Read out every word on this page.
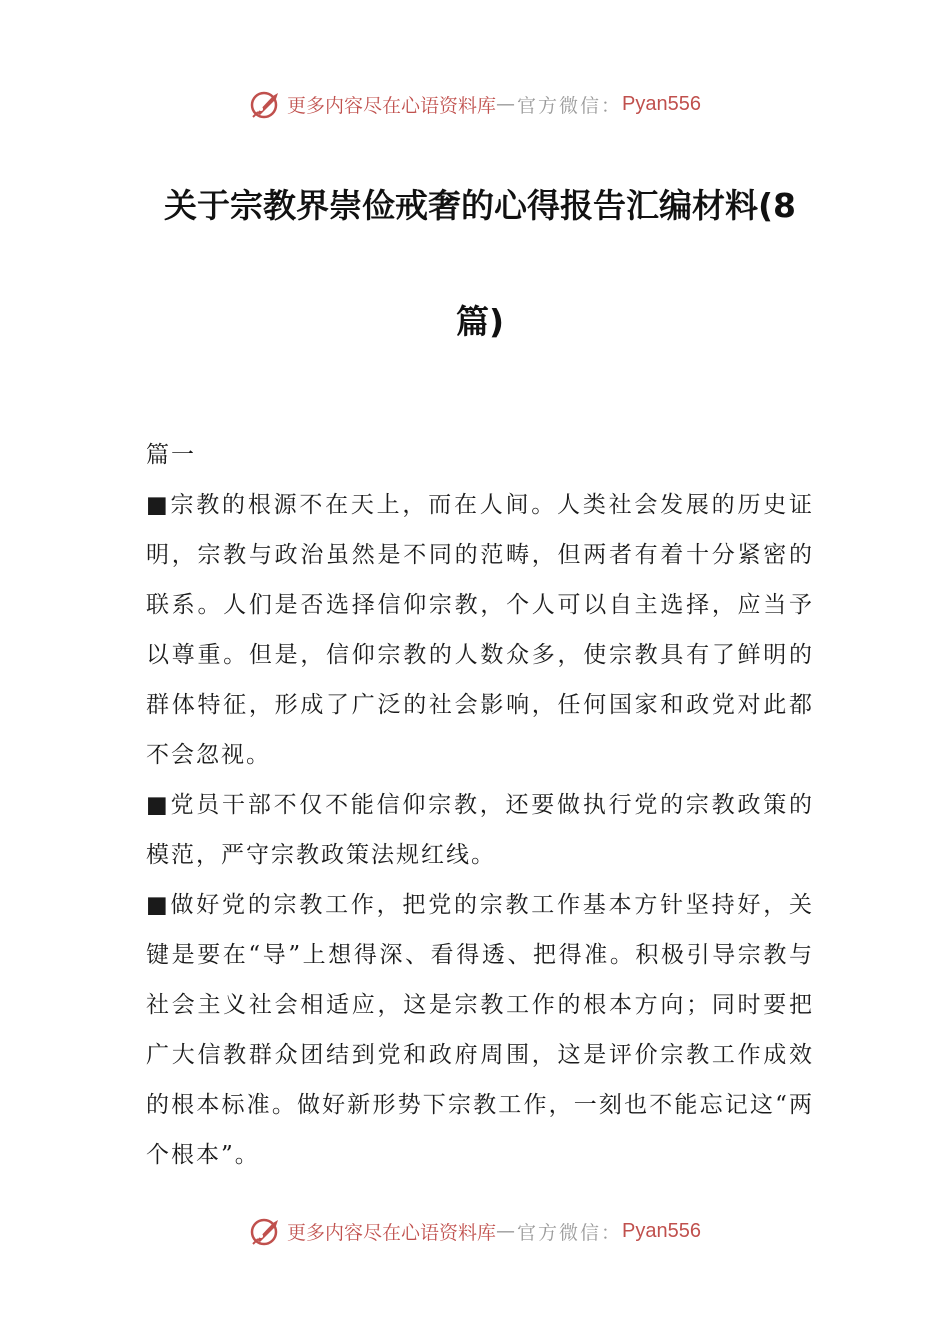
更多内容尽在心语资料库 — 官方微信： Pyan556
关于宗教界崇俭戒奢的心得报告汇编材料(8篇)

篇一

■宗教的根源不在天上，而在人间。人类社会发展的历史证明，宗教与政治虽然是不同的范畴，但两者有着十分紧密的联系。人们是否选择信仰宗教，个人可以自主选择，应当予以尊重。但是，信仰宗教的人数众多，使宗教具有了鲜明的群体特征，形成了广泛的社会影响，任何国家和政党对此都不会忽视。

■党员干部不仅不能信仰宗教，还要做执行党的宗教政策的模范，严守宗教政策法规红线。

■做好党的宗教工作，把党的宗教工作基本方针坚持好，关键是要在“导”上想得深、看得透、把得准。积极引导宗教与社会主义社会相适应，这是宗教工作的根本方向；同时要把广大信教群众团结到党和政府周围，这是评价宗教工作成效的根本标准。做好新形势下宗教工作，一刻也不能忘记这“两个根本”。

更多内容尽在心语资料库 — 官方微信： Pyan556
